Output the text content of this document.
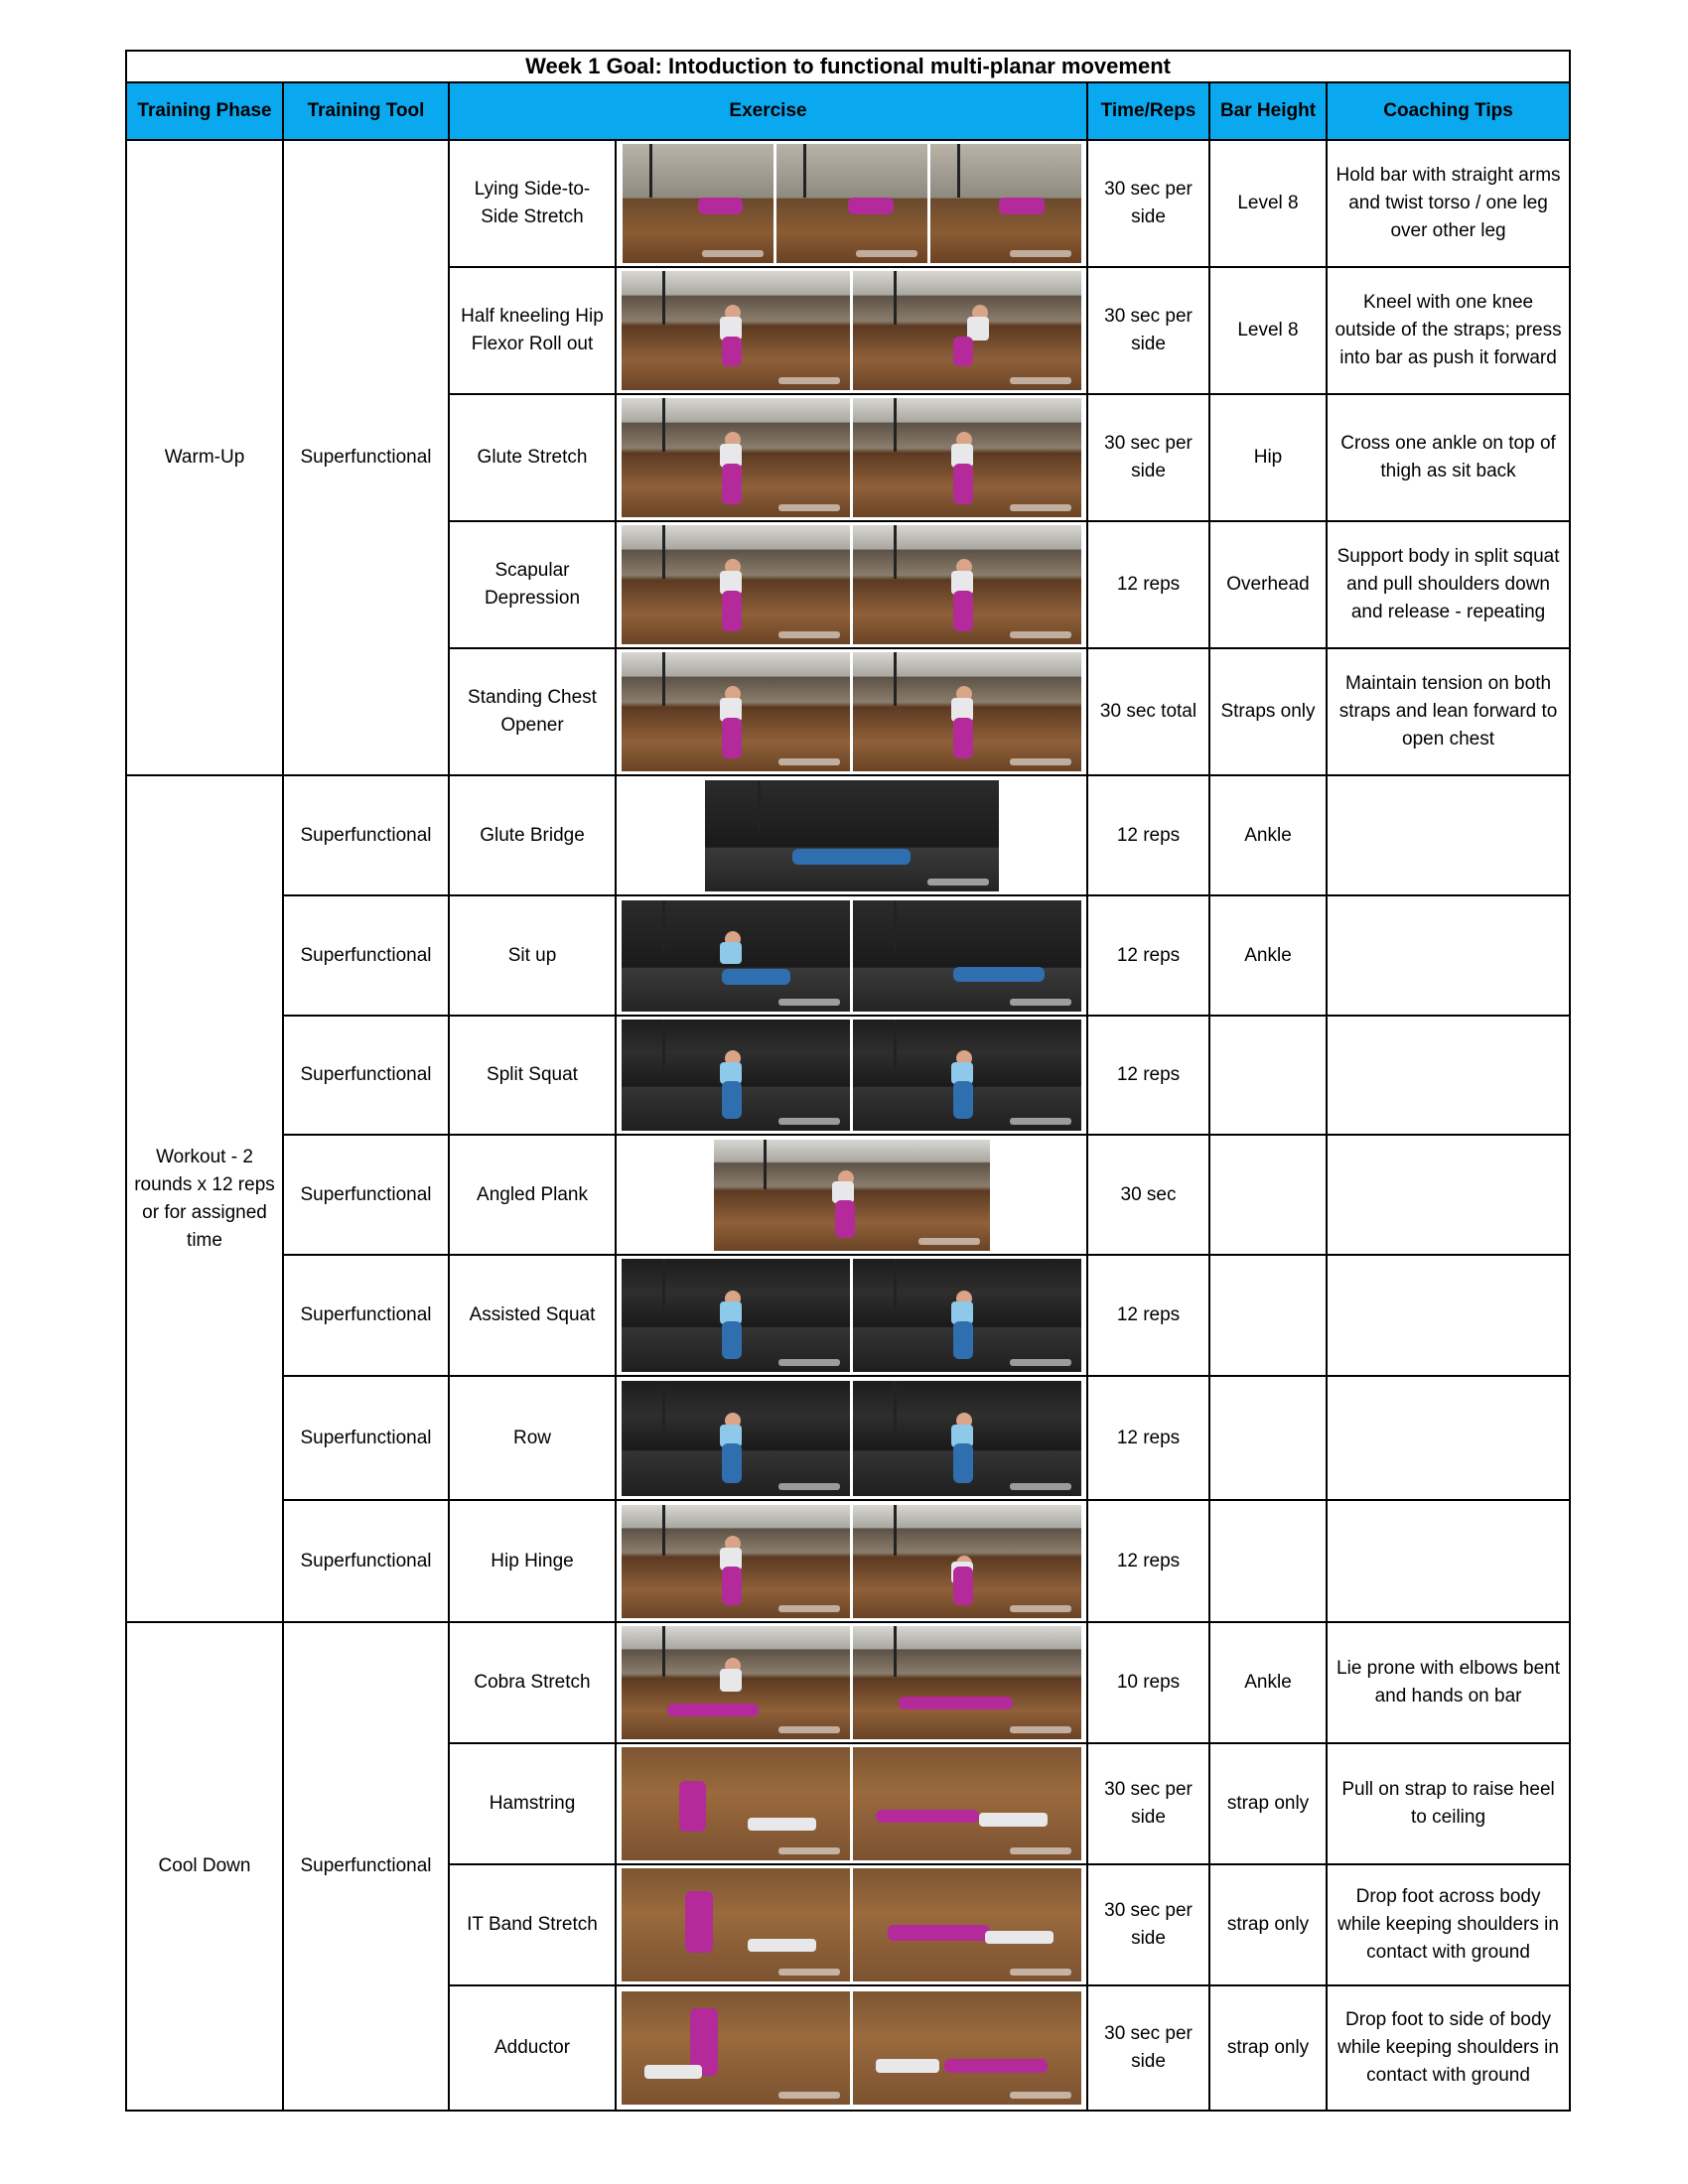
Week 1 Goal: Intoduction to functional multi-planar movement						
Training Phase	Training Tool	Exercise		Time/Reps	Bar Height	Coaching Tips
Warm-Up	Superfunctional	Lying Side-to-Side Stretch		30 sec per side	Level 8	Hold bar with straight arms and twist torso / one leg over other leg
		Half kneeling Hip Flexor Roll out		30 sec per side	Level 8	Kneel with one knee outside of the straps; press into bar as push it forward
		Glute Stretch		30 sec per side	Hip	Cross one ankle on top of thigh as sit back
		Scapular Depression		12 reps	Overhead	Support body in split squat and pull shoulders down and release - repeating
		Standing Chest Opener		30 sec total	Straps only	Maintain tension on both straps and lean forward to open chest
Workout - 2 rounds x 12 reps or for assigned time	Superfunctional	Glute Bridge		12 reps	Ankle	
	Superfunctional	Sit up		12 reps	Ankle	
	Superfunctional	Split Squat		12 reps		
	Superfunctional	Angled Plank		30 sec		
	Superfunctional	Assisted Squat		12 reps		
	Superfunctional	Row		12 reps		
	Superfunctional	Hip Hinge		12 reps		
Cool Down	Superfunctional	Cobra Stretch		10 reps	Ankle	Lie prone with elbows bent and hands on bar
		Hamstring		30 sec per side	strap only	Pull on strap to raise heel to ceiling
		IT Band Stretch		30 sec per side	strap only	Drop foot across body while keeping shoulders in contact with ground
		Adductor		30 sec per side	strap only	Drop foot to side of body while keeping shoulders in contact with ground
